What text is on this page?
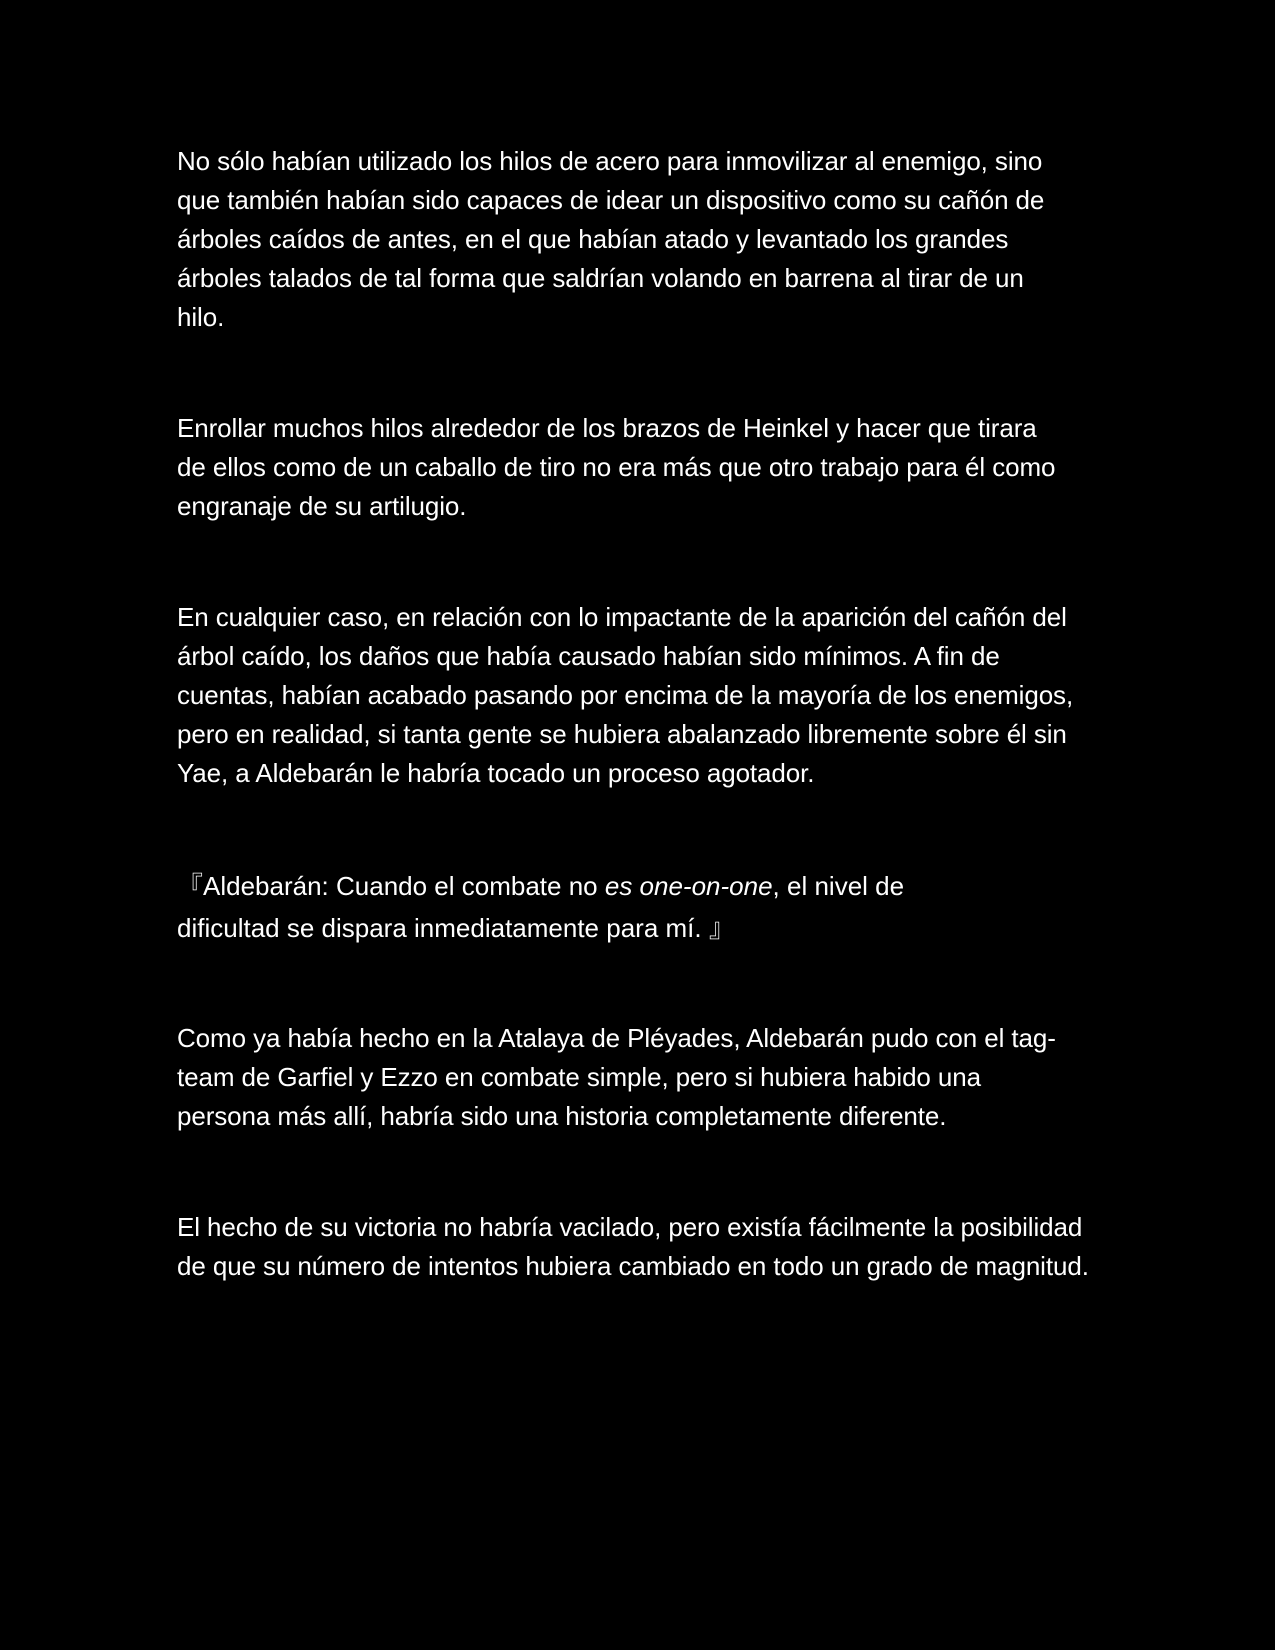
No sólo habían utilizado los hilos de acero para inmovilizar al enemigo, sino que también habían sido capaces de idear un dispositivo como su cañón de árboles caídos de antes, en el que habían atado y levantado los grandes árboles talados de tal forma que saldrían volando en barrena al tirar de un hilo.

Enrollar muchos hilos alrededor de los brazos de Heinkel y hacer que tirara de ellos como de un caballo de tiro no era más que otro trabajo para él como engranaje de su artilugio.

En cualquier caso, en relación con lo impactante de la aparición del cañón del árbol caído, los daños que había causado habían sido mínimos. A fin de cuentas, habían acabado pasando por encima de la mayoría de los enemigos, pero en realidad, si tanta gente se hubiera abalanzado libremente sobre él sin Yae, a Aldebarán le habría tocado un proceso agotador.

『Aldebarán: Cuando el combate no es one-on-one, el nivel de dificultad se dispara inmediatamente para mí. 』

Como ya había hecho en la Atalaya de Pléyades, Aldebarán pudo con el tag-team de Garfiel y Ezzo en combate simple, pero si hubiera habido una persona más allí, habría sido una historia completamente diferente.

El hecho de su victoria no habría vacilado, pero existía fácilmente la posibilidad de que su número de intentos hubiera cambiado en todo un grado de magnitud.
